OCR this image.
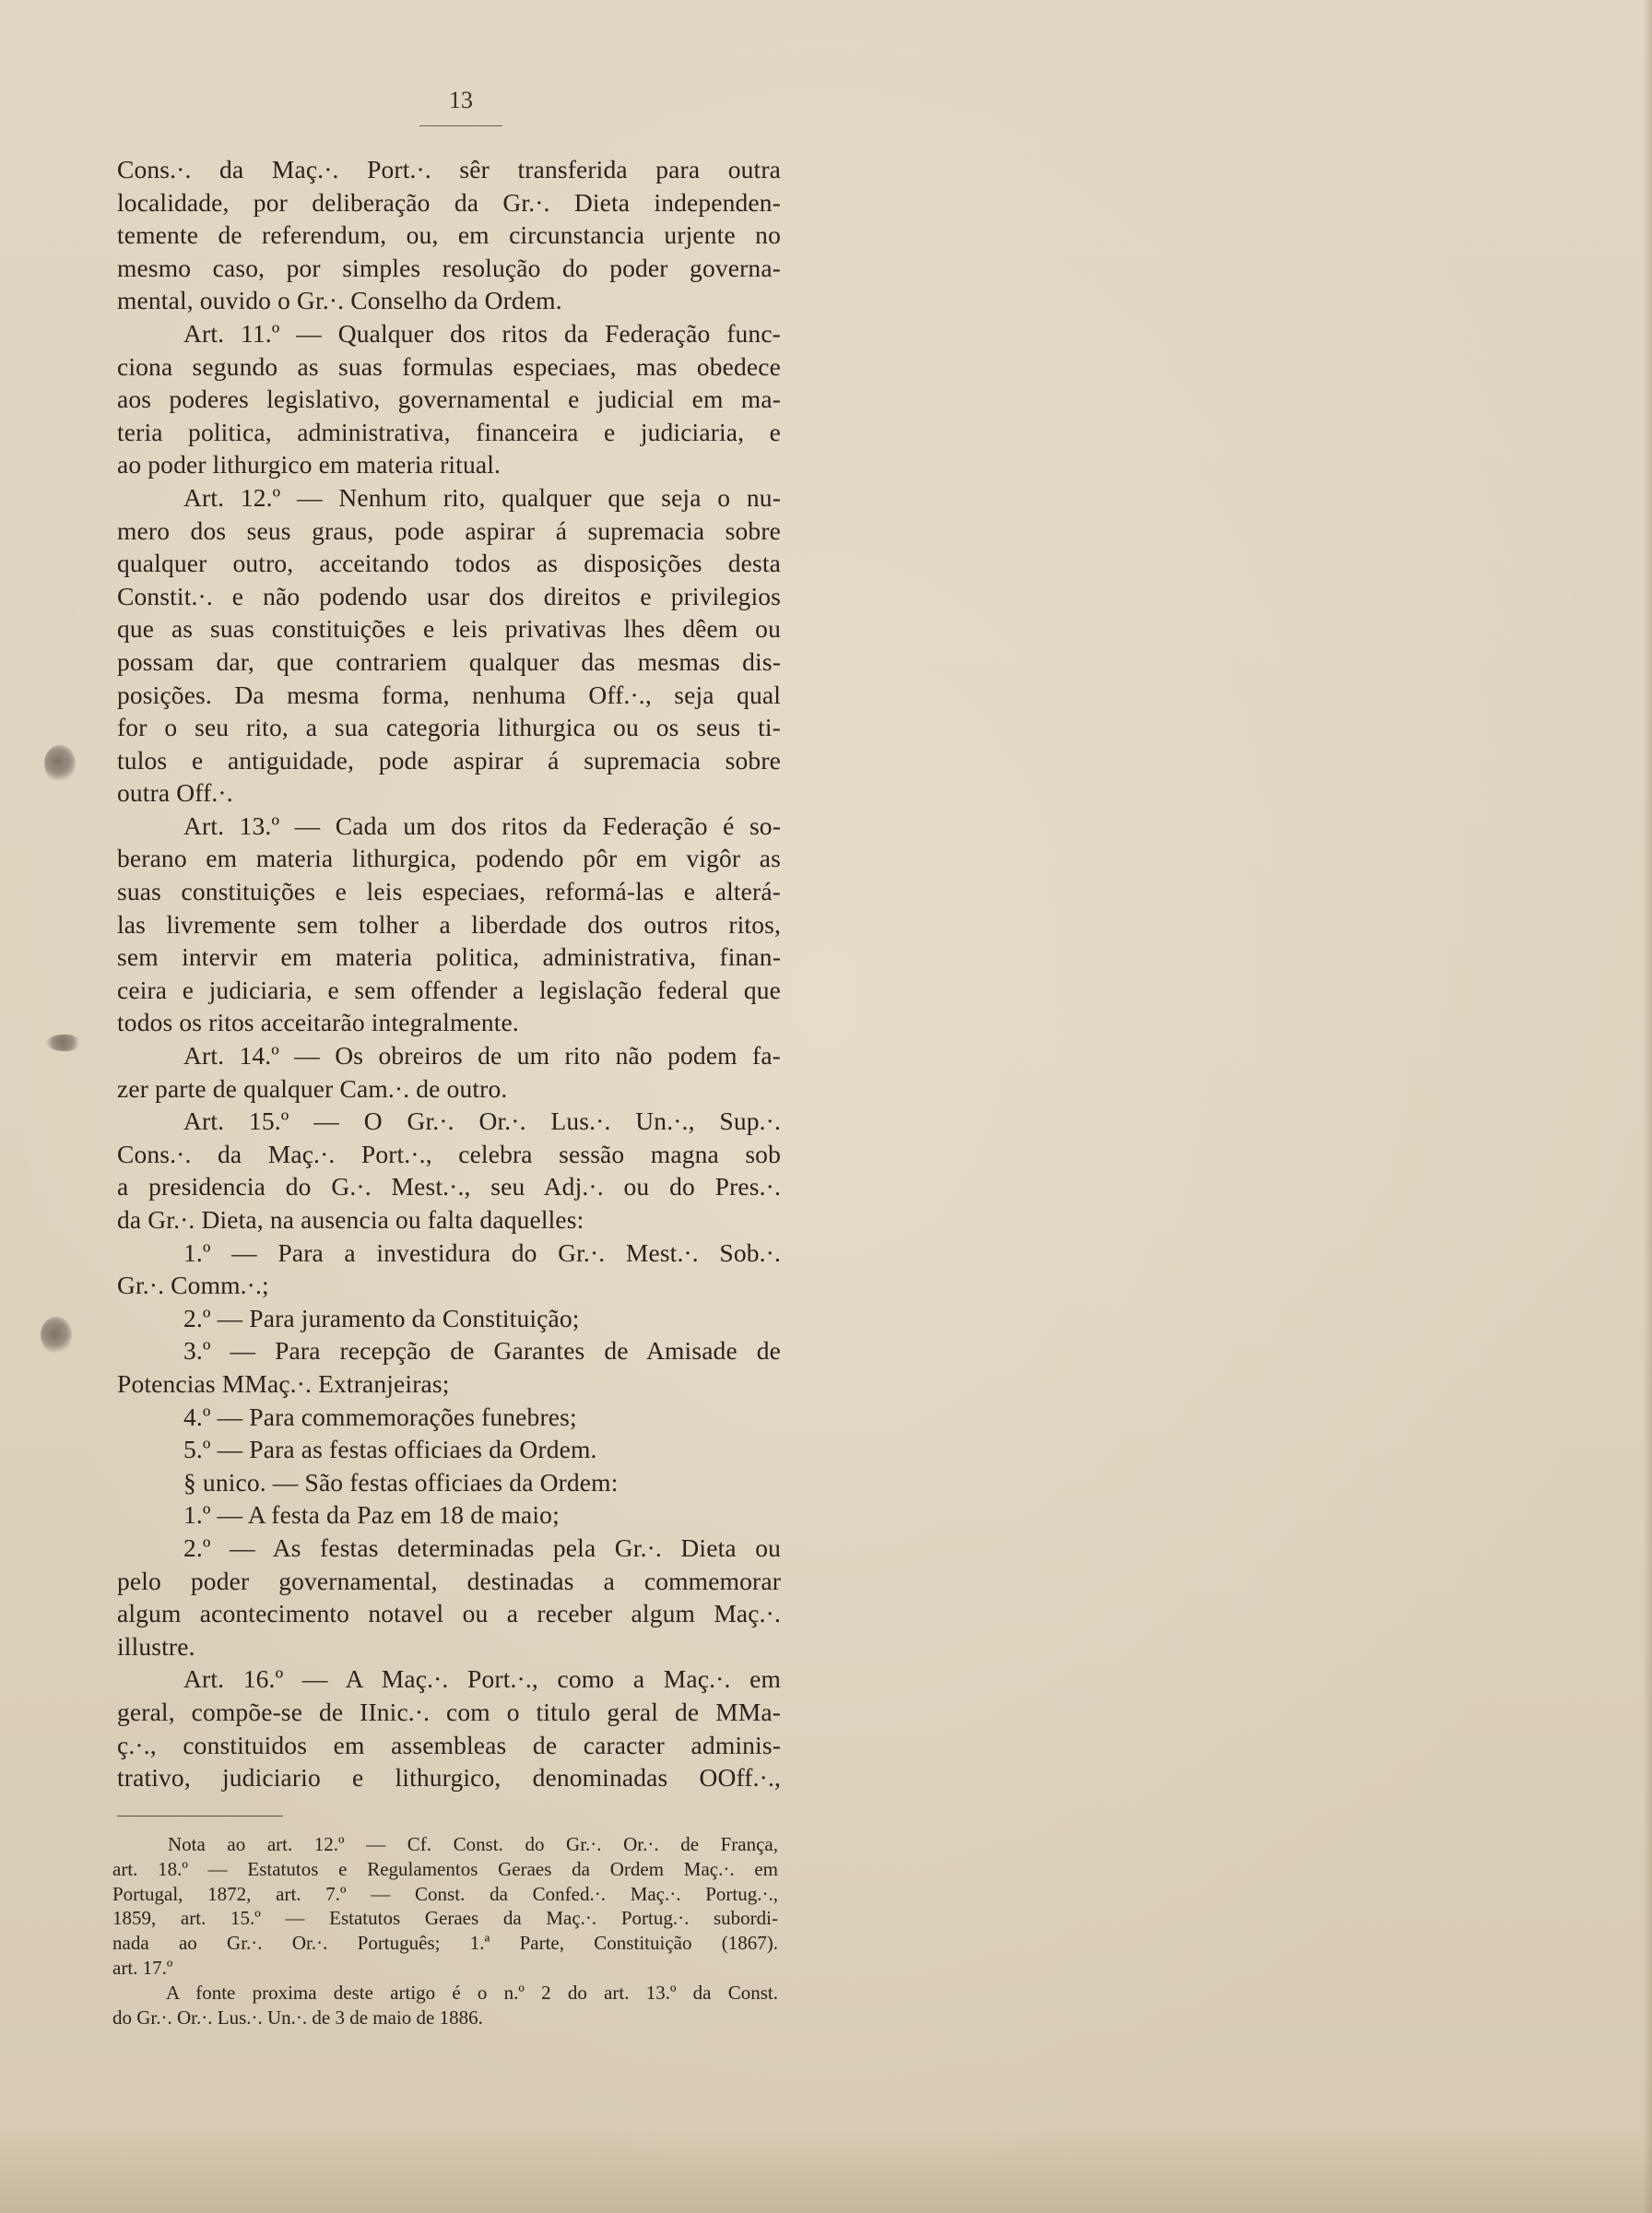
13
Cons.·. da Maç.·. Port.·. sêr transferida para outra
localidade, por deliberação da Gr.·. Dieta independen-
temente de referendum, ou, em circunstancia urjente no
mesmo caso, por simples resolução do poder governa-
mental, ouvido o Gr.·. Conselho da Ordem.
Art. 11.º — Qualquer dos ritos da Federação func-
ciona segundo as suas formulas especiaes, mas obedece
aos poderes legislativo, governamental e judicial em ma-
teria politica, administrativa, financeira e judiciaria, e
ao poder lithurgico em materia ritual.
Art. 12.º — Nenhum rito, qualquer que seja o nu-
mero dos seus graus, pode aspirar á supremacia sobre
qualquer outro, acceitando todos as disposições desta
Constit.·. e não podendo usar dos direitos e privilegios
que as suas constituições e leis privativas lhes dêem ou
possam dar, que contrariem qualquer das mesmas dis-
posições. Da mesma forma, nenhuma Off.·., seja qual
for o seu rito, a sua categoria lithurgica ou os seus ti-
tulos e antiguidade, pode aspirar á supremacia sobre
outra Off.·.
Art. 13.º — Cada um dos ritos da Federação é so-
berano em materia lithurgica, podendo pôr em vigôr as
suas constituições e leis especiaes, reformá-las e alterá-
las livremente sem tolher a liberdade dos outros ritos,
sem intervir em materia politica, administrativa, finan-
ceira e judiciaria, e sem offender a legislação federal que
todos os ritos acceitarão integralmente.
Art. 14.º — Os obreiros de um rito não podem fa-
zer parte de qualquer Cam.·. de outro.
Art. 15.º — O Gr.·. Or.·. Lus.·. Un.·., Sup.·.
Cons.·. da Maç.·. Port.·., celebra sessão magna sob
a presidencia do G.·. Mest.·., seu Adj.·. ou do Pres.·.
da Gr.·. Dieta, na ausencia ou falta daquelles:
1.º — Para a investidura do Gr.·. Mest.·. Sob.·.
Gr.·. Comm.·.;
2.º — Para juramento da Constituição;
3.º — Para recepção de Garantes de Amisade de
Potencias MMaç.·. Extranjeiras;
4.º — Para commemorações funebres;
5.º — Para as festas officiaes da Ordem.
§ unico. — São festas officiaes da Ordem:
1.º — A festa da Paz em 18 de maio;
2.º — As festas determinadas pela Gr.·. Dieta ou
pelo poder governamental, destinadas a commemorar
algum acontecimento notavel ou a receber algum Maç.·.
illustre.
Art. 16.º — A Maç.·. Port.·., como a Maç.·. em
geral, compõe-se de IInic.·. com o titulo geral de MMa-
ç.·., constituidos em assembleas de caracter adminis-
trativo, judiciario e lithurgico, denominadas OOff.·.,
Nota ao art. 12.º — Cf. Const. do Gr.·. Or.·. de França,
art. 18.º — Estatutos e Regulamentos Geraes da Ordem Maç.·. em
Portugal, 1872, art. 7.º — Const. da Confed.·. Maç.·. Portug.·.,
1859, art. 15.º — Estatutos Geraes da Maç.·. Portug.·. subordi-
nada ao Gr.·. Or.·. Português; 1.ª Parte, Constituição (1867).
art. 17.º
A fonte proxima deste artigo é o n.º 2 do art. 13.º da Const.
do Gr.·. Or.·. Lus.·. Un.·. de 3 de maio de 1886.
